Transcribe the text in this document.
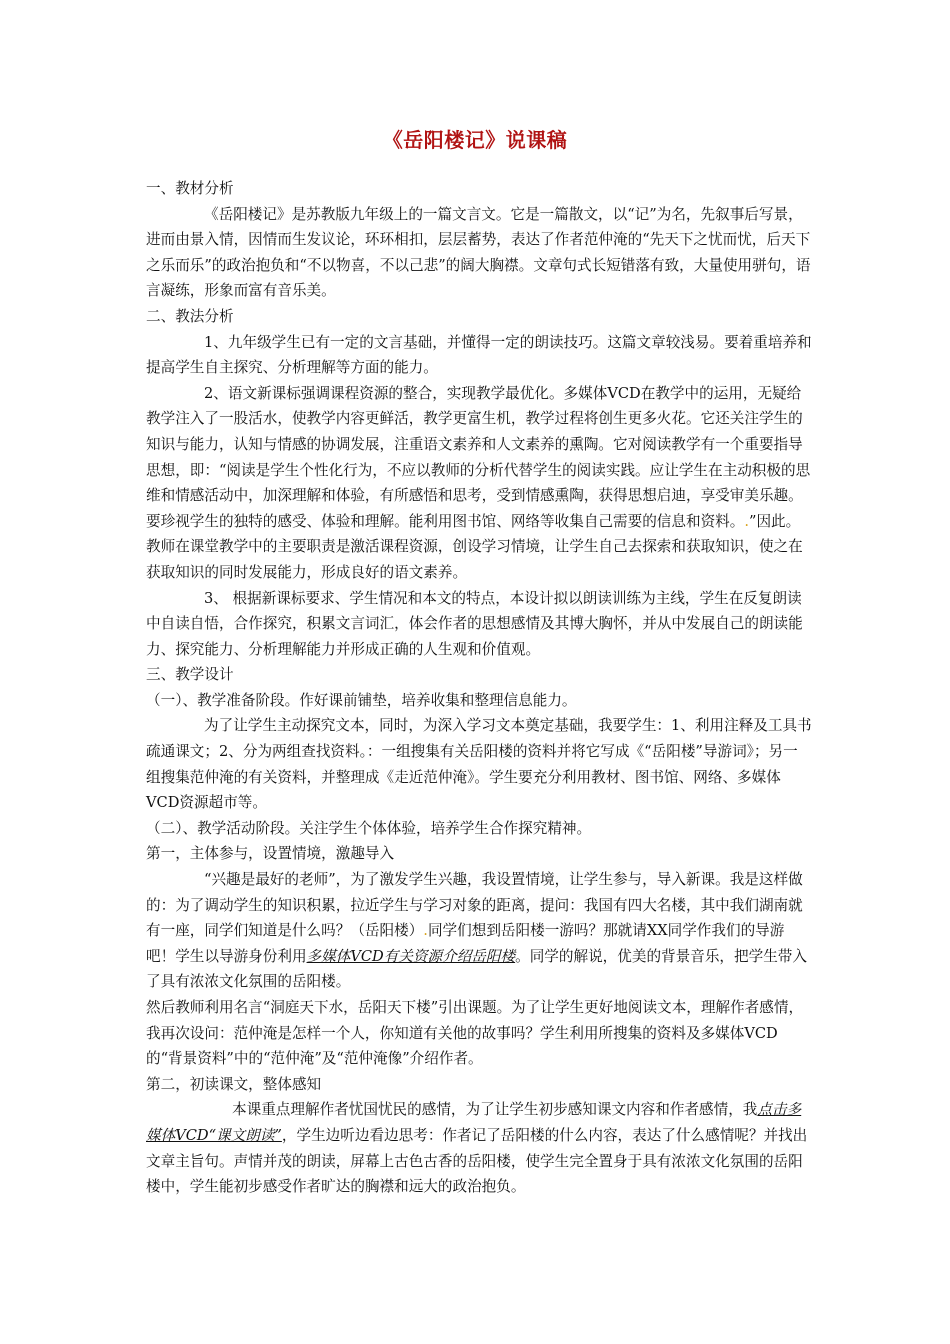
《岳阳楼记》说课稿

一、教材分析

《岳阳楼记》是苏教版九年级上的一篇文言文。它是一篇散文，以“记”为名，先叙事后写景，进而由景入情，因情而生发议论，环环相扣，层层蓄势，表达了作者范仲淹的“先天下之忧而忧，后天下之乐而乐”的政治抱负和“不以物喜，不以己悲”的阔大胸襟。文章句式长短错落有致，大量使用骈句，语言凝练，形象而富有音乐美。

二、教法分析

1、九年级学生已有一定的文言基础，并懂得一定的朗读技巧。这篇文章较浅易。要着重培养和提高学生自主探究、分析理解等方面的能力。

2、语文新课标强调课程资源的整合，实现教学最优化。多媒体VCD在教学中的运用，无疑给教学注入了一股活水，使教学内容更鲜活，教学更富生机，教学过程将创生更多火花。它还关注学生的知识与能力，认知与情感的协调发展，注重语文素养和人文素养的熏陶。它对阅读教学有一个重要指导思想，即：“阅读是学生个性化行为，不应以教师的分析代替学生的阅读实践。应让学生在主动积极的思维和情感活动中，加深理解和体验，有所感悟和思考，受到情感熏陶，获得思想启迪，享受审美乐趣。要珍视学生的独特的感受、体验和理解。能利用图书馆、网络等收集自己需要的信息和资料。.”因此。教师在课堂教学中的主要职责是激活课程资源，创设学习情境，让学生自己去探索和获取知识，使之在获取知识的同时发展能力，形成良好的语文素养。

3、 根据新课标要求、学生情况和本文的特点，本设计拟以朗读训练为主线，学生在反复朗读中自读自悟，合作探究，积累文言词汇，体会作者的思想感情及其博大胸怀，并从中发展自己的朗读能力、探究能力、分析理解能力并形成正确的人生观和价值观。

三、教学设计

（一）、教学准备阶段。作好课前铺垫，培养收集和整理信息能力。

为了让学生主动探究文本，同时，为深入学习文本奠定基础，我要学生：1、利用注释及工具书疏通课文；2、分为两组查找资料。：一组搜集有关岳阳楼的资料并将它写成《“岳阳楼”导游词》；另一组搜集范仲淹的有关资料，并整理成《走近范仲淹》。学生要充分利用教材、图书馆、网络、多媒体VCD资源超市等。

（二）、教学活动阶段。关注学生个体体验，培养学生合作探究精神。

第一，主体参与，设置情境，激趣导入

“兴趣是最好的老师”，为了激发学生兴趣，我设置情境，让学生参与，导入新课。我是这样做的：为了调动学生的知识积累，拉近学生与学习对象的距离，提问：我国有四大名楼，其中我们湖南就有一座，同学们知道是什么吗？（岳阳楼）.同学们想到岳阳楼一游吗？那就请XX同学作我们的导游吧！学生以导游身份利用多媒体VCD有关资源介绍岳阳楼。同学的解说，优美的背景音乐，把学生带入了具有浓浓文化氛围的岳阳楼。

然后教师利用名言“洞庭天下水，岳阳天下楼”引出课题。为了让学生更好地阅读文本，理解作者感情，我再次设问：范仲淹是怎样一个人，你知道有关他的故事吗？学生利用所搜集的资料及多媒体VCD的“背景资料”中的“范仲淹”及“范仲淹像”介绍作者。

第二，初读课文，整体感知

本课重点理解作者忧国忧民的感情，为了让学生初步感知课文内容和作者感情，我点击多媒体VCD“课文朗读”，学生边听边看边思考：作者记了岳阳楼的什么内容，表达了什么感情呢？并找出文章主旨句。声情并茂的朗读，屏幕上古色古香的岳阳楼，使学生完全置身于具有浓浓文化氛围的岳阳楼中，学生能初步感受作者旷达的胸襟和远大的政治抱负。
